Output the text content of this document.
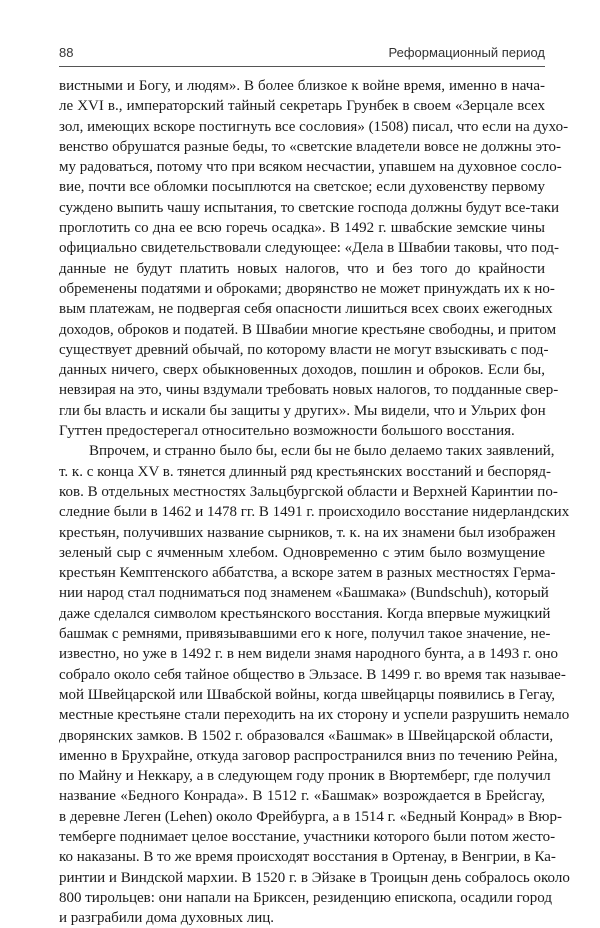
88	Реформационный период
вистными и Богу, и людям». В более близкое к войне время, именно в нача-
ле XVI в., императорский тайный секретарь Грунбек в своем «Зерцале всех
зол, имеющих вскоре постигнуть все сословия» (1508) писал, что если на духо-
венство обрушатся разные беды, то «светские владетели вовсе не должны это-
му радоваться, потому что при всяком несчастии, упавшем на духовное сосло-
вие, почти все обломки посыплются на светское; если духовенству первому
суждено выпить чашу испытания, то светские господа должны будут все-таки
проглотить со дна ее всю горечь осадка». В 1492 г. швабские земские чины
официально свидетельствовали следующее: «Дела в Швабии таковы, что под-
данные не будут платить новых налогов, что и без того до крайности
обременены податями и оброками; дворянство не может принуждать их к но-
вым платежам, не подвергая себя опасности лишиться всех своих ежегодных
доходов, оброков и податей. В Швабии многие крестьяне свободны, и притом
существует древний обычай, по которому власти не могут взыскивать с под-
данных ничего, сверх обыкновенных доходов, пошлин и оброков. Если бы,
невзирая на это, чины вздумали требовать новых налогов, то подданные свер-
гли бы власть и искали бы защиты у других». Мы видели, что и Ульрих фон
Гуттен предостерегал относительно возможности большого восстания.
Впрочем, и странно было бы, если бы не было делаемо таких заявлений,
т. к. с конца XV в. тянется длинный ряд крестьянских восстаний и беспоряд-
ков. В отдельных местностях Зальцбургской области и Верхней Каринтии по-
следние были в 1462 и 1478 гг. В 1491 г. происходило восстание нидерландских
крестьян, получивших название сырников, т. к. на их знамени был изображен
зеленый сыр с ячменным хлебом. Одновременно с этим было возмущение
крестьян Кемптенского аббатства, а вскоре затем в разных местностях Герма-
нии народ стал подниматься под знаменем «Башмака» (Bundschuh), который
даже сделался символом крестьянского восстания. Когда впервые мужицкий
башмак с ремнями, привязывавшими его к ноге, получил такое значение, не-
известно, но уже в 1492 г. в нем видели знамя народного бунта, а в 1493 г. оно
собрало около себя тайное общество в Эльзасе. В 1499 г. во время так называе-
мой Швейцарской или Швабской войны, когда швейцарцы появились в Гегау,
местные крестьяне стали переходить на их сторону и успели разрушить немало
дворянских замков. В 1502 г. образовался «Башмак» в Швейцарской области,
именно в Брухрайне, откуда заговор распространился вниз по течению Рейна,
по Майну и Неккару, а в следующем году проник в Вюртемберг, где получил
название «Бедного Конрада». В 1512 г. «Башмак» возрождается в Брейсгау,
в деревне Леген (Lehen) около Фрейбурга, а в 1514 г. «Бедный Конрад» в Вюр-
темберге поднимает целое восстание, участники которого были потом жесто-
ко наказаны. В то же время происходят восстания в Ортенау, в Венгрии, в Ка-
ринтии и Виндской мархии. В 1520 г. в Эйзаке в Троицын день собралось около
800 тирольцев: они напали на Бриксен, резиденцию епископа, осадили город
и разграбили дома духовных лиц.
